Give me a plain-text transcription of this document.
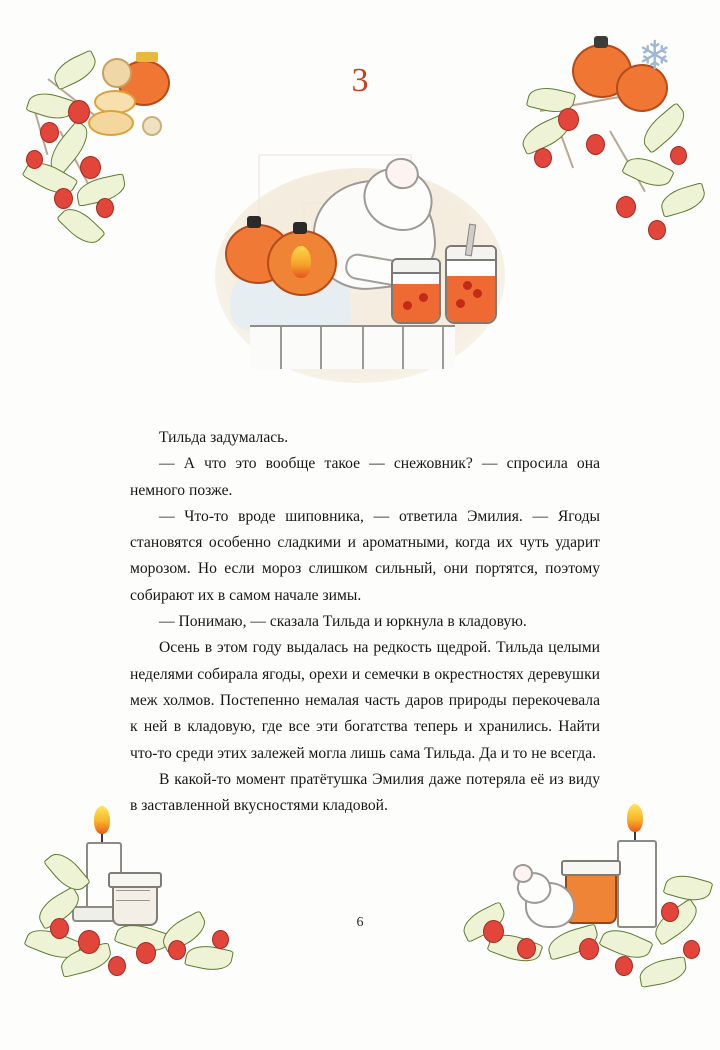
❄
3

Тильда задумалась.

— А что это вообще такое — снежовник? — спросила она немного позже.

— Что-то вроде шиповника, — ответила Эмилия. — Ягоды становятся особенно сладкими и ароматными, когда их чуть ударит морозом. Но если мороз слишком сильный, они портятся, поэтому собирают их в самом начале зимы.

— Понимаю, — сказала Тильда и юркнула в кладовую.

Осень в этом году выдалась на редкость щедрой. Тильда целыми неделями собирала ягоды, орехи и семечки в окрестностях деревушки меж холмов. Постепенно немалая часть даров природы перекочевала к ней в кладовую, где все эти богатства теперь и хранились. Найти что-то среди этих залежей могла лишь сама Тильда. Да и то не всегда.

В какой-то момент пратётушка Эмилия даже потеряла её из виду в заставленной вкусностями кладовой.

6
